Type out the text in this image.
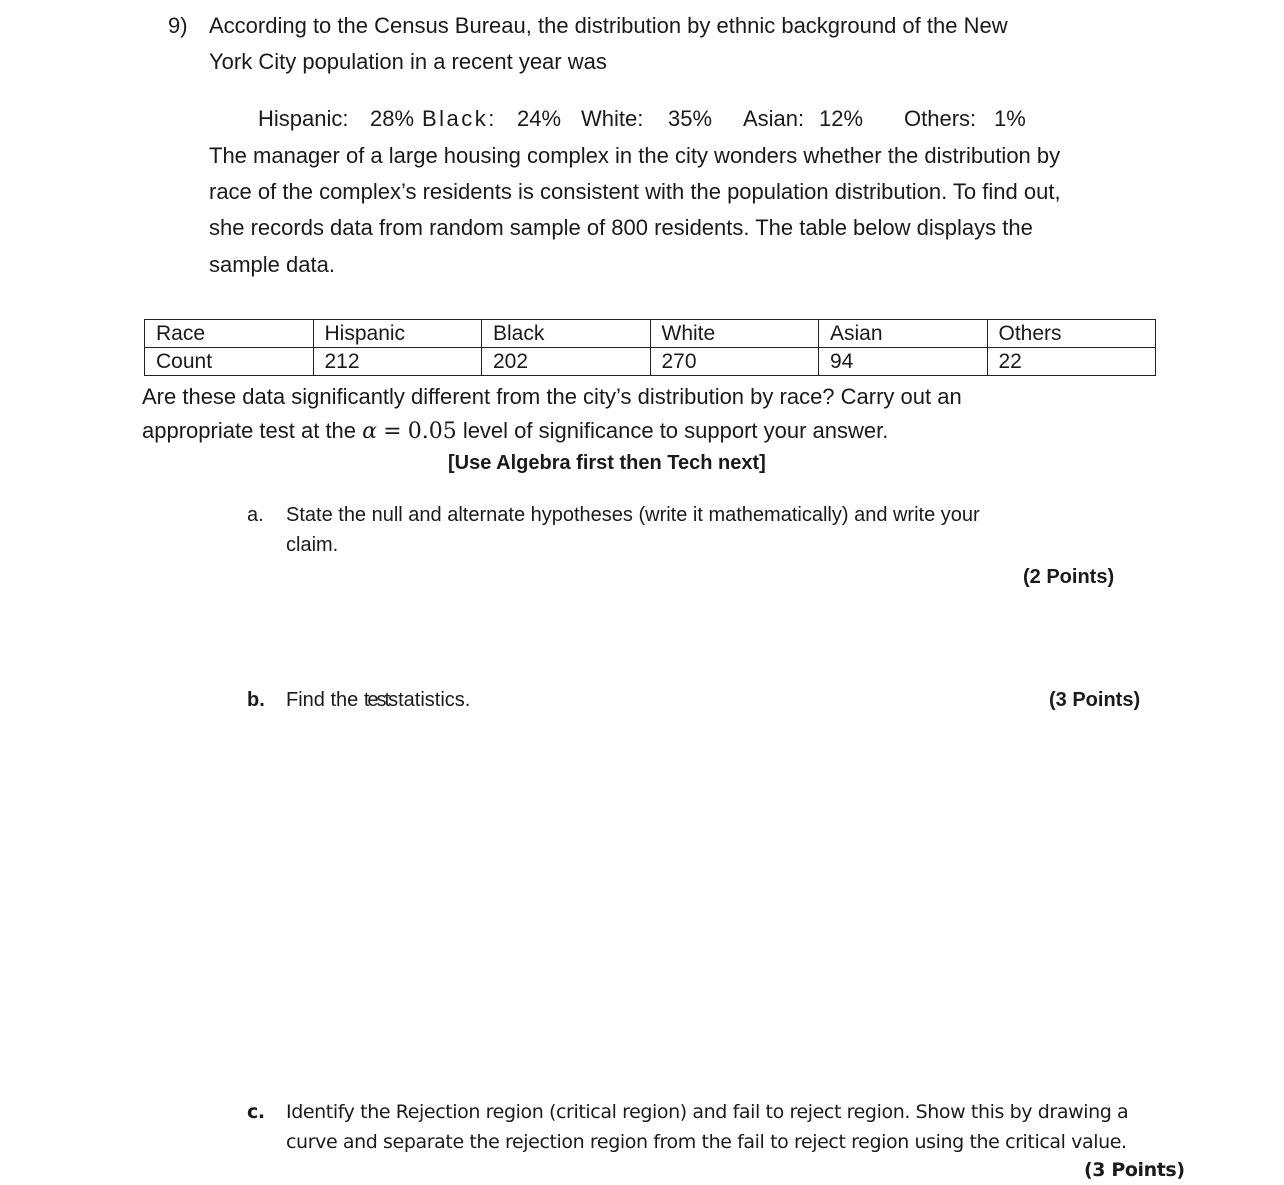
9) According to the Census Bureau, the distribution by ethnic background of the New
York City population in a recent year was
Hispanic: 28% Black: 24% White: 35% Asian: 12% Others: 1%
The manager of a large housing complex in the city wonders whether the distribution by
race of the complex’s residents is consistent with the population distribution. To find out,
she records data from random sample of 800 residents. The table below displays the
sample data.
Race	Hispanic	Black	White	Asian	Others
Count	212	202	270	94	22
Are these data significantly different from the city’s distribution by race? Carry out an
appropriate test at the α = 0.05 level of significance to support your answer.
[Use Algebra first then Tech next]
a. State the null and alternate hypotheses (write it mathematically) and write your
claim.
(2 Points)
b. Find the teststatistics.	(3 Points)
c. Identify the Rejection region (critical region) and fail to reject region. Show this by drawing a
curve and separate the rejection region from the fail to reject region using the critical value.
(3 Points)
